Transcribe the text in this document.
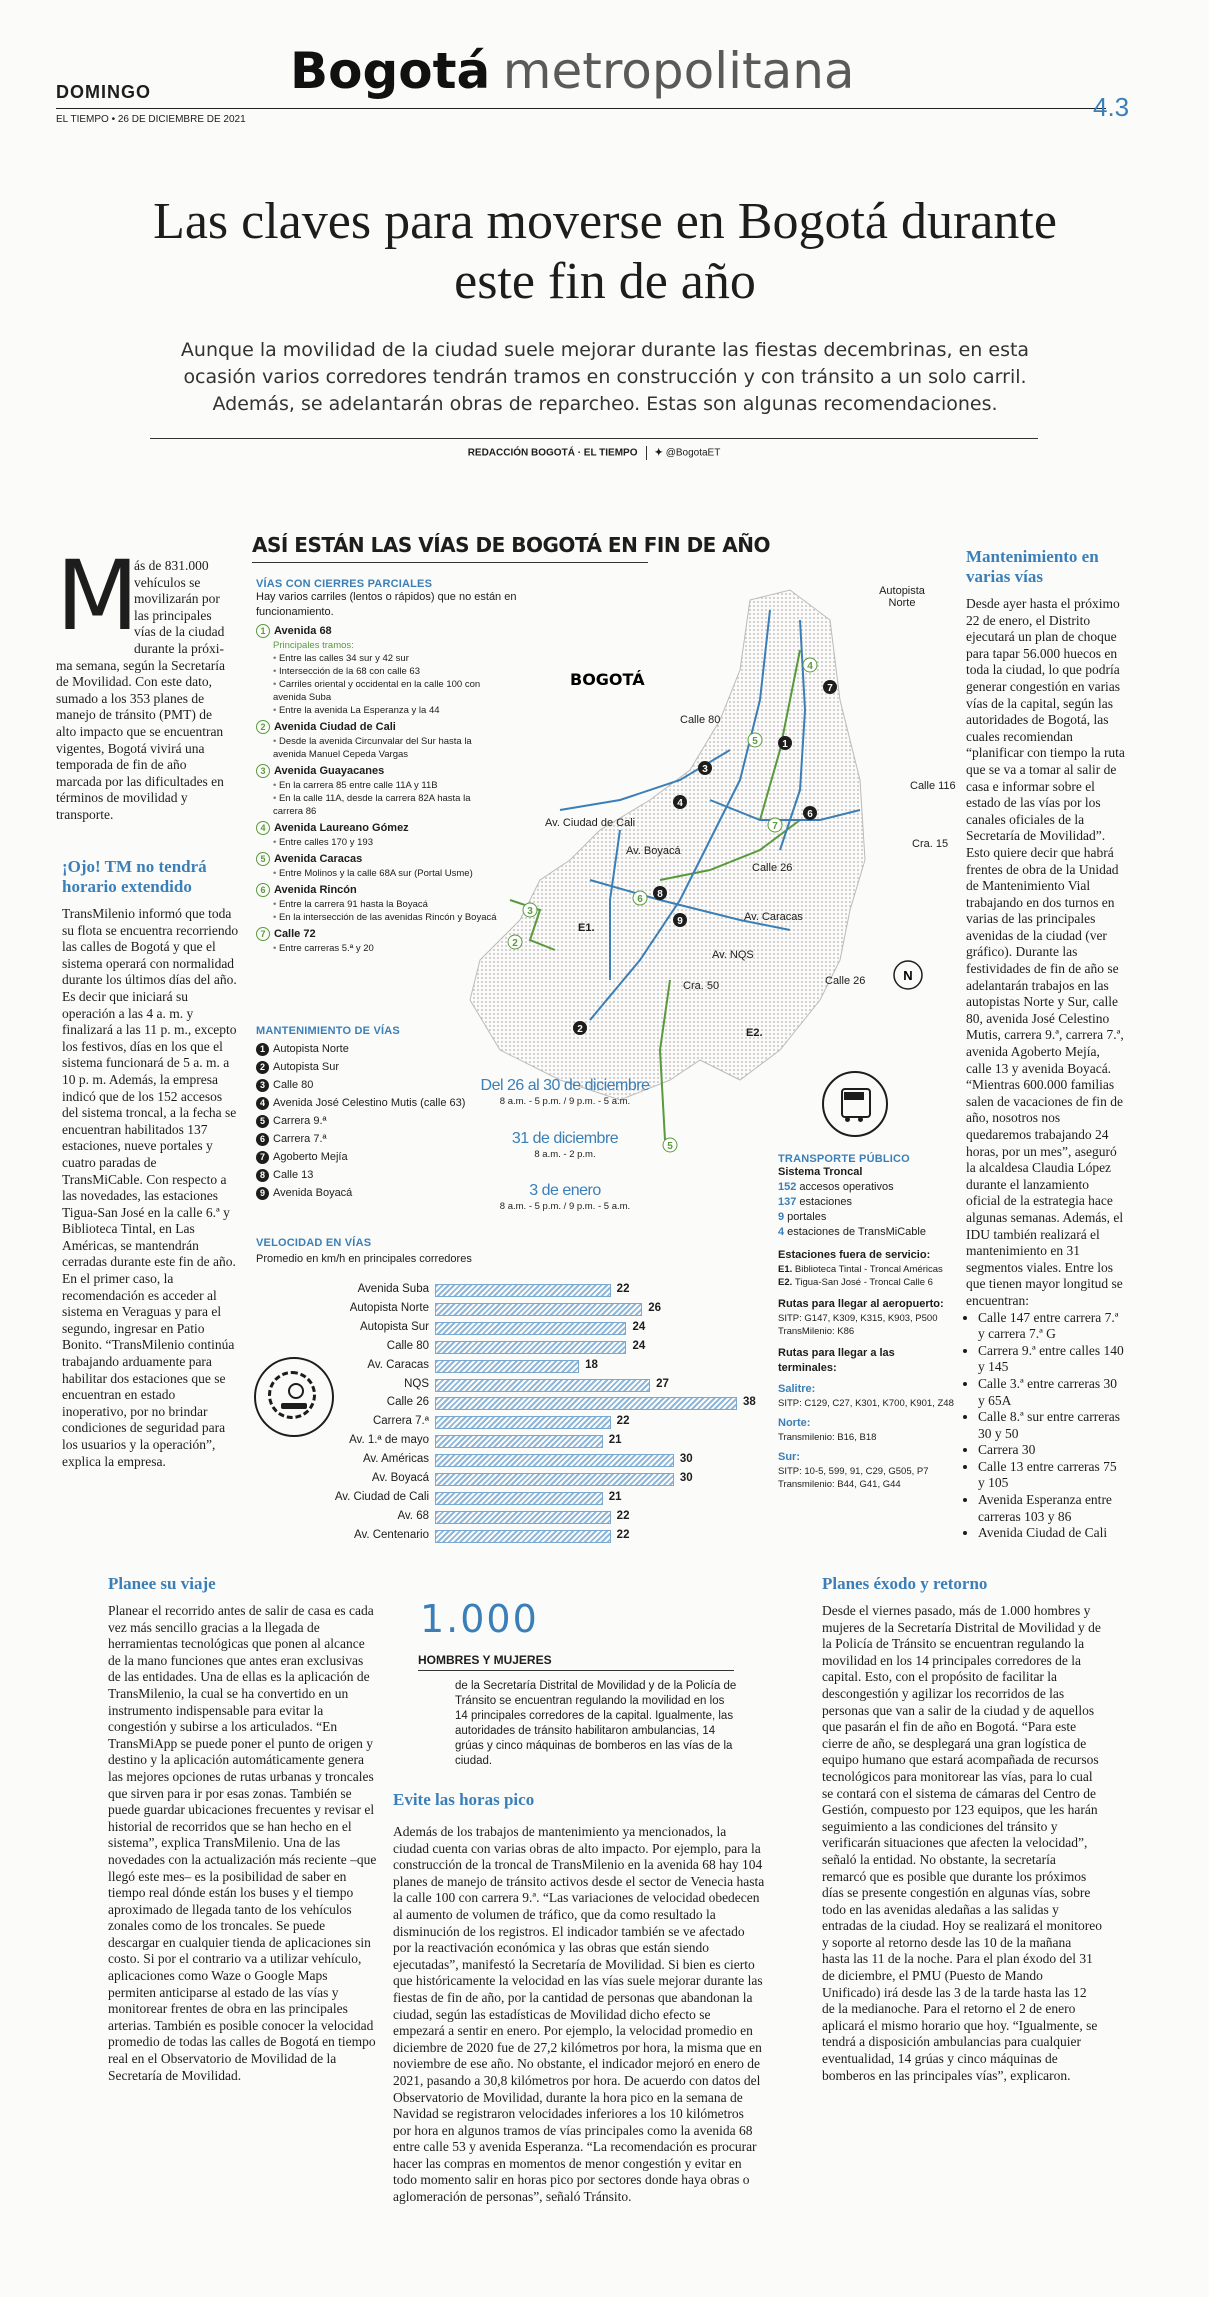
DOMINGO	Bogotá metropolitana
EL TIEMPO • 26 DE DICIEMBRE DE 2021	4.3
Las claves para moverse en Bogotá durante este fin de año
Aunque la movilidad de la ciudad suele mejorar durante las fiestas decembrinas, en esta ocasión varios corredores tendrán tramos en construcción y con tránsito a un solo carril. Además, se adelantarán obras de reparcheo. Estas son algunas recomendaciones.
REDACCIÓN BOGOTÁ · EL TIEMPO ✦ @BogotaET
M
ás de 831.000 vehículos se movilizarán por las principales vías de la ciudad durante la próxi-
ma semana, según la Secretaría de Movilidad. Con este dato, sumado a los 353 planes de manejo de tránsito (PMT) de alto impacto que se encuentran vigentes, Bogotá vivirá una temporada de fin de año marcada por las dificultades en términos de movilidad y transporte.
¡Ojo! TM no tendrá horario extendido
TransMilenio informó que toda su flota se encuentra recorriendo las calles de Bogotá y que el sistema operará con normalidad durante los últimos días del año. Es decir que iniciará su operación a las 4 a. m. y finalizará a las 11 p. m., excepto los festivos, días en los que el sistema funcionará de 5 a. m. a 10 p. m. Además, la empresa indicó que de los 152 accesos del sistema troncal, a la fecha se encuentran habilitados 137 estaciones, nueve portales y cuatro paradas de TransMiCable. Con respecto a las novedades, las estaciones Tigua-San José en la calle 6.ª y Biblioteca Tintal, en Las Américas, se mantendrán cerradas durante este fin de año. En el primer caso, la recomendación es acceder al sistema en Veraguas y para el segundo, ingresar en Patio Bonito. “TransMilenio continúa trabajando arduamente para habilitar dos estaciones que se encuentran en estado inoperativo, por no brindar condiciones de seguridad para los usuarios y la operación”, explica la empresa.
ASÍ ESTÁN LAS VÍAS DE BOGOTÁ EN FIN DE AÑO
VÍAS CON CIERRES PARCIALES
Hay varios carriles (lentos o rápidos) que no están en funcionamiento.
1 Avenida 68
Principales tramos:
• Entre las calles 34 sur y 42 sur
• Intersección de la 68 con calle 63
• Carriles oriental y occidental en la calle 100 con avenida Suba
• Entre la avenida La Esperanza y la 44
2 Avenida Ciudad de Cali
• Desde la avenida Circunvalar del Sur hasta la avenida Manuel Cepeda Vargas
3 Avenida Guayacanes
• En la carrera 85 entre calle 11A y 11B
• En la calle 11A, desde la carrera 82A hasta la carrera 86
4 Avenida Laureano Gómez
• Entre calles 170 y 193
5 Avenida Caracas
• Entre Molinos y la calle 68A sur (Portal Usme)
6 Avenida Rincón
• Entre la carrera 91 hasta la Boyacá
• En la intersección de las avenidas Rincón y Boyacá
7 Calle 72
• Entre carreras 5.ª y 20
MANTENIMIENTO DE VÍAS
1 Autopista Norte
2 Autopista Sur
3 Calle 80
4 Avenida José Celestino Mutis (calle 63)
5 Carrera 9.ª
6 Carrera 7.ª
7 Agoberto Mejía
8 Calle 13
9 Avenida Boyacá
7
1
6
3
4
8
9
2
7
4
3
2
6
5
5
N
BOGOTÁ
Autopista Norte
Calle 80
Calle 116
Cra. 15
Av. Ciudad de Cali
Av. Boyacá
Calle 26
Av. Caracas
Av. NQS
Calle 26
Cra. 50
E1.
E2.
Del 26 al 30 de diciembre
8 a.m. - 5 p.m. / 9 p.m. - 5 a.m.
31 de diciembre
8 a.m. - 2 p.m.
3 de enero
8 a.m. - 5 p.m. / 9 p.m. - 5 a.m.
TRANSPORTE PÚBLICO
Sistema Troncal
152 accesos operativos
137 estaciones
9 portales
4 estaciones de TransMiCable
Estaciones fuera de servicio:
E1. Biblioteca Tintal - Troncal Américas
E2. Tigua-San José - Troncal Calle 6
Rutas para llegar al aeropuerto:
SITP: G147, K309, K315, K903, P500
TransMilenio: K86
Rutas para llegar a las terminales:
Salitre:
SITP: C129, C27, K301, K700, K901, Z48
Norte:
Transmilenio: B16, B18
Sur:
SITP: 10-5, 599, 91, C29, G505, P7
Transmilenio: B44, G41, G44
VELOCIDAD EN VÍAS
Promedio en km/h en principales corredores
Avenida Suba	22
Autopista Norte	26
Autopista Sur	24
Calle 80	24
Av. Caracas	18
NQS	27
Calle 26	38
Carrera 7.ª	22
Av. 1.ª de mayo	21
Av. Américas	30
Av. Boyacá	30
Av. Ciudad de Cali	21
Av. 68	22
Av. Centenario	22
Mantenimiento en varias vías

Desde ayer hasta el próximo 22 de enero, el Distrito ejecutará un plan de choque para tapar 56.000 huecos en toda la ciudad, lo que podría generar congestión en varias vías de la capital, según las autoridades de Bogotá, las cuales recomiendan “planificar con tiempo la ruta que se va a tomar al salir de casa e informar sobre el estado de las vías por los canales oficiales de la Secretaría de Movilidad”. Esto quiere decir que habrá frentes de obra de la Unidad de Mantenimiento Vial trabajando en dos turnos en varias de las principales avenidas de la ciudad (ver gráfico). Durante las festividades de fin de año se adelantarán trabajos en las autopistas Norte y Sur, calle 80, avenida José Celestino Mutis, carrera 9.ª, carrera 7.ª, avenida Agoberto Mejía, calle 13 y avenida Boyacá. “Mientras 600.000 familias salen de vacaciones de fin de año, nosotros nos quedaremos trabajando 24 horas, por un mes”, aseguró la alcaldesa Claudia López durante el lanzamiento oficial de la estrategia hace algunas semanas. Además, el IDU también realizará el mantenimiento en 31 segmentos viales. Entre los que tienen mayor longitud se encuentran:

• Calle 147 entre carrera 7.ª y carrera 7.ª G
• Carrera 9.ª entre calles 140 y 145
• Calle 3.ª entre carreras 30 y 65A
• Calle 8.ª sur entre carreras 30 y 50
• Carrera 30
• Calle 13 entre carreras 75 y 105
• Avenida Esperanza entre carreras 103 y 86
• Avenida Ciudad de Cali
Planee su viaje
Planear el recorrido antes de salir de casa es cada vez más sencillo gracias a la llegada de herramientas tecnológicas que ponen al alcance de la mano funciones que antes eran exclusivas de las entidades. Una de ellas es la aplicación de TransMilenio, la cual se ha convertido en un instrumento indispensable para evitar la congestión y subirse a los articulados. “En TransMiApp se puede poner el punto de origen y destino y la aplicación automáticamente genera las mejores opciones de rutas urbanas y troncales que sirven para ir por esas zonas. También se puede guardar ubicaciones frecuentes y revisar el historial de recorridos que se han hecho en el sistema”, explica TransMilenio. Una de las novedades con la actualización más reciente –que llegó este mes– es la posibilidad de saber en tiempo real dónde están los buses y el tiempo aproximado de llegada tanto de los vehículos zonales como de los troncales. Se puede descargar en cualquier tienda de aplicaciones sin costo. Si por el contrario va a utilizar vehículo, aplicaciones como Waze o Google Maps permiten anticiparse al estado de las vías y monitorear frentes de obra en las principales arterias. También es posible conocer la velocidad promedio de todas las calles de Bogotá en tiempo real en el Observatorio de Movilidad de la Secretaría de Movilidad.
1.000
HOMBRES Y MUJERES
de la Secretaría Distrital de Movilidad y de la Policía de Tránsito se encuentran regulando la movilidad en los 14 principales corredores de la capital. Igualmente, las autoridades de tránsito habilitaron ambulancias, 14 grúas y cinco máquinas de bomberos en las vías de la ciudad.
Evite las horas pico
Además de los trabajos de mantenimiento ya mencionados, la ciudad cuenta con varias obras de alto impacto. Por ejemplo, para la construcción de la troncal de TransMilenio en la avenida 68 hay 104 planes de manejo de tránsito activos desde el sector de Venecia hasta la calle 100 con carrera 9.ª. “Las variaciones de velocidad obedecen al aumento de volumen de tráfico, que da como resultado la disminución de los registros. El indicador también se ve afectado por la reactivación económica y las obras que están siendo ejecutadas”, manifestó la Secretaría de Movilidad. Si bien es cierto que históricamente la velocidad en las vías suele mejorar durante las fiestas de fin de año, por la cantidad de personas que abandonan la ciudad, según las estadísticas de Movilidad dicho efecto se empezará a sentir en enero. Por ejemplo, la velocidad promedio en diciembre de 2020 fue de 27,2 kilómetros por hora, la misma que en noviembre de ese año. No obstante, el indicador mejoró en enero de 2021, pasando a 30,8 kilómetros por hora. De acuerdo con datos del Observatorio de Movilidad, durante la hora pico en la semana de Navidad se registraron velocidades inferiores a los 10 kilómetros por hora en algunos tramos de vías principales como la avenida 68 entre calle 53 y avenida Esperanza. “La recomendación es procurar hacer las compras en momentos de menor congestión y evitar en todo momento salir en horas pico por sectores donde haya obras o aglomeración de personas”, señaló Tránsito.
Planes éxodo y retorno
Desde el viernes pasado, más de 1.000 hombres y mujeres de la Secretaría Distrital de Movilidad y de la Policía de Tránsito se encuentran regulando la movilidad en los 14 principales corredores de la capital. Esto, con el propósito de facilitar la descongestión y agilizar los recorridos de las personas que van a salir de la ciudad y de aquellos que pasarán el fin de año en Bogotá. “Para este cierre de año, se desplegará una gran logística de equipo humano que estará acompañada de recursos tecnológicos para monitorear las vías, para lo cual se contará con el sistema de cámaras del Centro de Gestión, compuesto por 123 equipos, que les harán seguimiento a las condiciones del tránsito y verificarán situaciones que afecten la velocidad”, señaló la entidad. No obstante, la secretaría remarcó que es posible que durante los próximos días se presente congestión en algunas vías, sobre todo en las avenidas aledañas a las salidas y entradas de la ciudad. Hoy se realizará el monitoreo y soporte al retorno desde las 10 de la mañana hasta las 11 de la noche. Para el plan éxodo del 31 de diciembre, el PMU (Puesto de Mando Unificado) irá desde las 3 de la tarde hasta las 12 de la medianoche. Para el retorno el 2 de enero aplicará el mismo horario que hoy. “Igualmente, se tendrá a disposición ambulancias para cualquier eventualidad, 14 grúas y cinco máquinas de bomberos en las principales vías”, explicaron.
